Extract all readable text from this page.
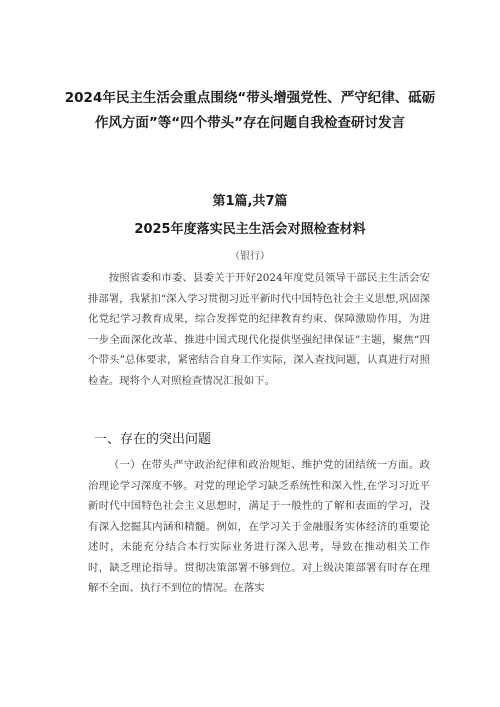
2024年民主生活会重点围绕“带头增强党性、严守纪律、砥砺作风方面”等“四个带头”存在问题自我检查研讨发言
第1篇,共7篇
2025年度落实民主生活会对照检查材料
（银行）

按照省委和市委、县委关于开好2024年度党员领导干部民主生活会安排部署，我紧扣“深入学习贯彻习近平新时代中国特色社会主义思想,巩固深化党纪学习教育成果，综合发挥党的纪律教育约束、保障激励作用，为进一步全面深化改革、推进中国式现代化提供坚强纪律保证”主题，聚焦“四个带头”总体要求，紧密结合自身工作实际，深入查找问题，认真进行对照检查。现将个人对照检查情况汇报如下。

一、存在的突出问题

（一）在带头严守政治纪律和政治规矩、维护党的团结统一方面。政治理论学习深度不够。对党的理论学习缺乏系统性和深入性,在学习习近平新时代中国特色社会主义思想时，满足于一般性的了解和表面的学习，没有深入挖掘其内涵和精髓。例如，在学习关于金融服务实体经济的重要论述时，未能充分结合本行实际业务进行深入思考，导致在推动相关工作时，缺乏理论指导。贯彻决策部署不够到位。对上级决策部署有时存在理解不全面、执行不到位的情况。在落实
